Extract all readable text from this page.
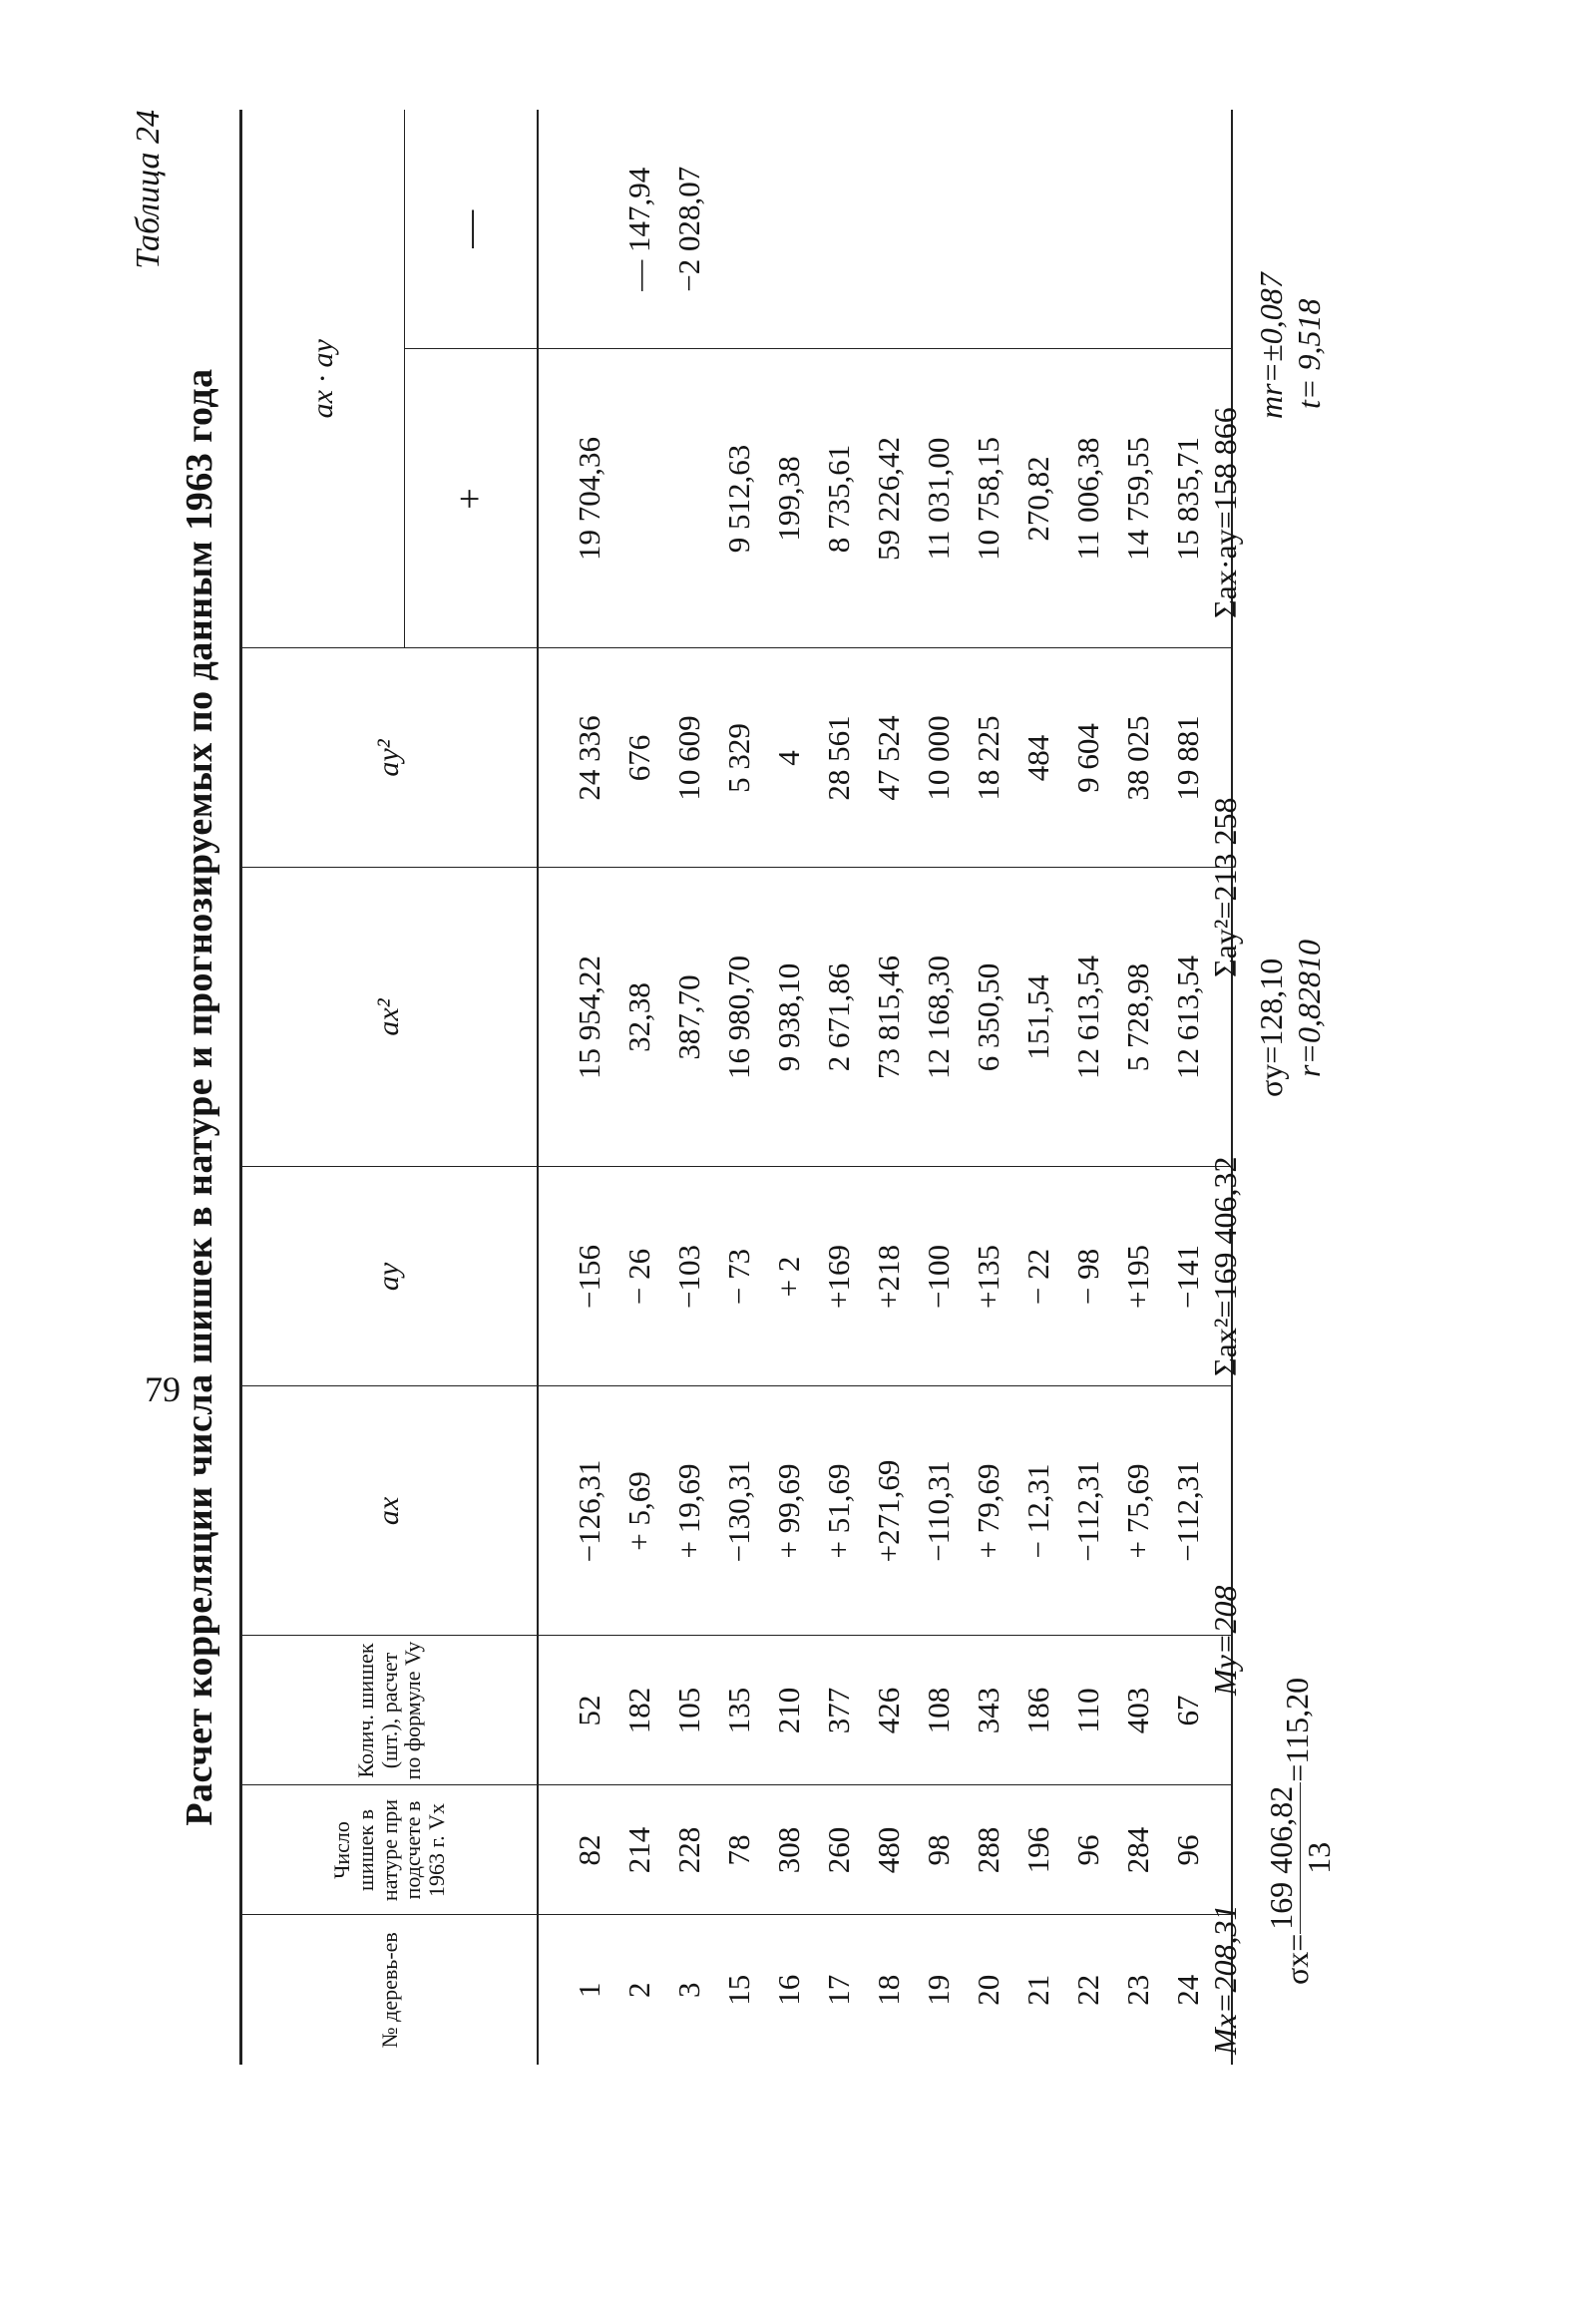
Таблица 24
Расчет корреляции числа шишек в натуре и прогнозируемых по данным 1963 года
№ деревь-ев	Число шишек в натуре при подсчете в 1963 г. Vx	Колич. шишек (шт.), расчет по формуле Vy	ax	ay	ax²	ay²	ax · ay	
							+	—
1	82	52	−126,31	−156	15 954,22	24 336	19 704,36	
2	214	182	+ 5,69	− 26	32,38	676		— 147,94
3	228	105	+ 19,69	−103	387,70	10 609		−2 028,07
15	78	135	−130,31	− 73	16 980,70	5 329	9 512,63	
16	308	210	+ 99,69	+ 2	9 938,10	4	199,38	
17	260	377	+ 51,69	+169	2 671,86	28 561	8 735,61	
18	480	426	+271,69	+218	73 815,46	47 524	59 226,42	
19	98	108	−110,31	−100	12 168,30	10 000	11 031,00	
20	288	343	+ 79,69	+135	6 350,50	18 225	10 758,15	
21	196	186	− 12,31	− 22	151,54	484	270,82	
22	96	110	−112,31	− 98	12 613,54	9 604	11 006,38	
23	284	403	+ 75,69	+195	5 728,98	38 025	14 759,55	
24	96	67	−112,31	−141	12 613,54	19 881	15 835,71	
Mx=208,31
My=208
Σax²=169 406,32
Σay²=213 258
Σax·ay=158 866
σx=
169 406,82 13
=115,20
σy=128,10 r=0,82810
mr=±0,087 t= 9,518
79
